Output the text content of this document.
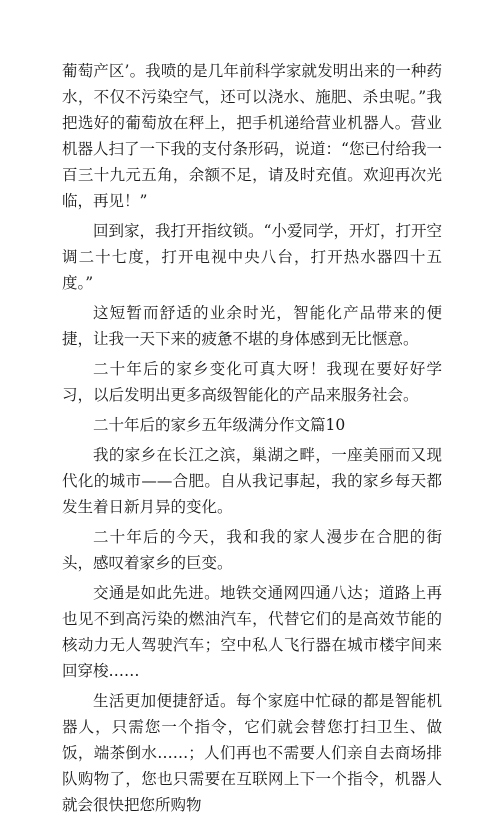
葡萄产区’。我喷的是几年前科学家就发明出来的一种药水，不仅不污染空气，还可以浇水、施肥、杀虫呢。”我把选好的葡萄放在秤上，把手机递给营业机器人。营业机器人扫了一下我的支付条形码，说道：“您已付给我一百三十九元五角，余额不足，请及时充值。欢迎再次光临，再见！”

回到家，我打开指纹锁。“小爱同学，开灯，打开空调二十七度，打开电视中央八台，打开热水器四十五度。”

这短暂而舒适的业余时光，智能化产品带来的便捷，让我一天下来的疲惫不堪的身体感到无比惬意。

二十年后的家乡变化可真大呀！我现在要好好学习，以后发明出更多高级智能化的产品来服务社会。

二十年后的家乡五年级满分作文篇10

我的家乡在长江之滨，巢湖之畔，一座美丽而又现代化的城市——合肥。自从我记事起，我的家乡每天都发生着日新月异的变化。

二十年后的今天，我和我的家人漫步在合肥的街头，感叹着家乡的巨变。

交通是如此先进。地铁交通网四通八达；道路上再也见不到高污染的燃油汽车，代替它们的是高效节能的核动力无人驾驶汽车；空中私人飞行器在城市楼宇间来回穿梭……

生活更加便捷舒适。每个家庭中忙碌的都是智能机器人，只需您一个指令，它们就会替您打扫卫生、做饭，端茶倒水……；人们再也不需要人们亲自去商场排队购物了，您也只需要在互联网上下一个指令，机器人就会很快把您所购物
